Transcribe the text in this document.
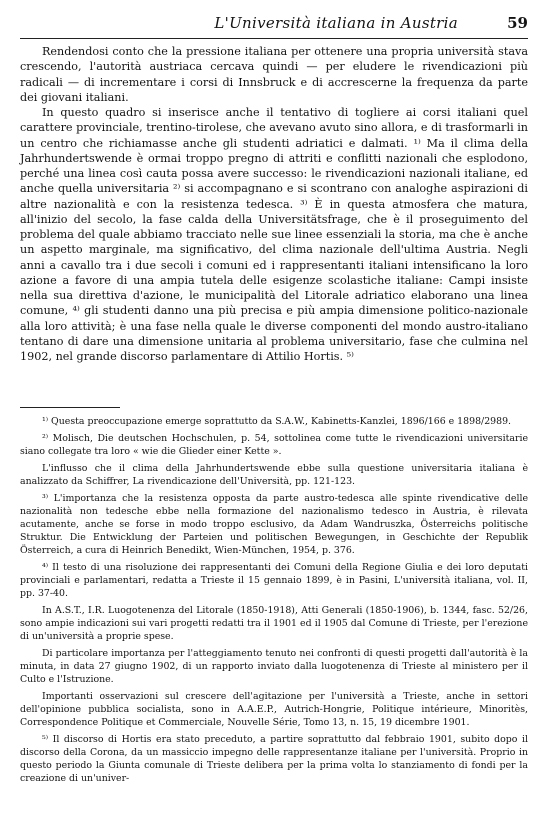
L'Università italiana in Austria	59

Rendendosi conto che la pressione italiana per ottenere una propria università stava crescendo, l'autorità austriaca cercava quindi — per eludere le rivendicazioni più radicali — di incrementare i corsi di Innsbruck e di accrescerne la frequenza da parte dei giovani italiani.

In questo quadro si inserisce anche il tentativo di togliere ai corsi italiani quel carattere provinciale, trentino-tirolese, che avevano avuto sino allora, e di trasformarli in un centro che richiamasse anche gli studenti adriatici e dalmati. ¹⁾ Ma il clima della Jahrhundertswende è ormai troppo pregno di attriti e conflitti nazionali che esplodono, perché una linea così cauta possa avere successo: le rivendicazioni nazionali italiane, ed anche quella universitaria ²⁾ si accompagnano e si scontrano con analoghe aspirazioni di altre nazionalità e con la resistenza tedesca. ³⁾ È in questa atmosfera che matura, all'inizio del secolo, la fase calda della Universitätsfrage, che è il proseguimento del problema del quale abbiamo tracciato nelle sue linee essenziali la storia, ma che è anche un aspetto marginale, ma significativo, del clima nazionale dell'ultima Austria. Negli anni a cavallo tra i due secoli i comuni ed i rappresentanti italiani intensificano la loro azione a favore di una ampia tutela delle esigenze scolastiche italiane: Campi insiste nella sua direttiva d'azione, le municipalità del Litorale adriatico elaborano una linea comune, ⁴⁾ gli studenti danno una più precisa e più ampia dimensione politico-nazionale alla loro attività; è una fase nella quale le diverse componenti del mondo austro-italiano tentano di dare una dimensione unitaria al problema universitario, fase che culmina nel 1902, nel grande discorso parlamentare di Attilio Hortis. ⁵⁾

¹⁾ Questa preoccupazione emerge soprattutto da S.A.W., Kabinetts-Kanzlei, 1896/166 e 1898/2989.

²⁾ Molisch, Die deutschen Hochschulen, p. 54, sottolinea come tutte le rivendicazioni universitarie siano collegate tra loro « wie die Glieder einer Kette ».

L'influsso che il clima della Jahrhundertswende ebbe sulla questione universitaria italiana è analizzato da Schiffrer, La rivendicazione dell'Università, pp. 121-123.

³⁾ L'importanza che la resistenza opposta da parte austro-tedesca alle spinte rivendicative delle nazionalità non tedesche ebbe nella formazione del nazionalismo tedesco in Austria, è rilevata acutamente, anche se forse in modo troppo esclusivo, da Adam Wandruszka, Österreichs politische Struktur. Die Entwicklung der Parteien und politischen Bewegungen, in Geschichte der Republik Österreich, a cura di Heinrich Benedikt, Wien-München, 1954, p. 376.

⁴⁾ Il testo di una risoluzione dei rappresentanti dei Comuni della Regione Giulia e dei loro deputati provinciali e parlamentari, redatta a Trieste il 15 gennaio 1899, è in Pasini, L'università italiana, vol. II, pp. 37-40.

In A.S.T., I.R. Luogotenenza del Litorale (1850-1918), Atti Generali (1850-1906), b. 1344, fasc. 52/26, sono ampie indicazioni sui vari progetti redatti tra il 1901 ed il 1905 dal Comune di Trieste, per l'erezione di un'università a proprie spese.

Di particolare importanza per l'atteggiamento tenuto nei confronti di questi progetti dall'autorità è la minuta, in data 27 giugno 1902, di un rapporto inviato dalla luogotenenza di Trieste al ministero per il Culto e l'Istruzione.

Importanti osservazioni sul crescere dell'agitazione per l'università a Trieste, anche in settori dell'opinione pubblica socialista, sono in A.A.E.P., Autrich-Hongrie, Politique intérieure, Minoritès, Correspondence Politique et Commerciale, Nouvelle Série, Tomo 13, n. 15, 19 dicembre 1901.

⁵⁾ Il discorso di Hortis era stato preceduto, a partire soprattutto dal febbraio 1901, subito dopo il discorso della Corona, da un massiccio impegno delle rappresentanze italiane per l'università. Proprio in questo periodo la Giunta comunale di Trieste delibera per la prima volta lo stanziamento di fondi per la creazione di un'univer-
